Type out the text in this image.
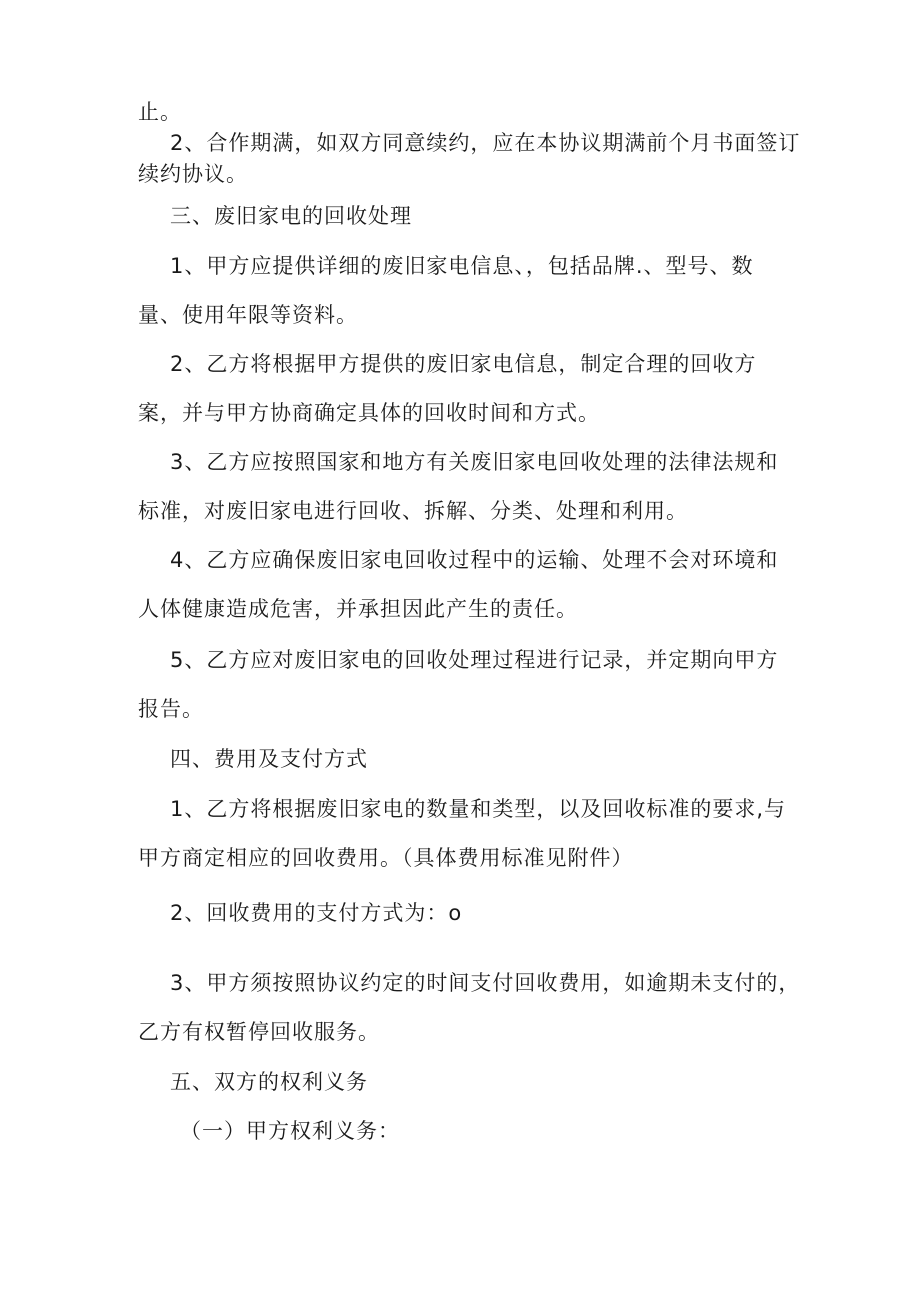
止。
2、合作期满，如双方同意续约，应在本协议期满前个月书面签订
续约协议。
三、废旧家电的回收处理
1、甲方应提供详细的废旧家电信息、，包括品牌.、型号、数
量、使用年限等资料。
2、乙方将根据甲方提供的废旧家电信息，制定合理的回收方
案，并与甲方协商确定具体的回收时间和方式。
3、乙方应按照国家和地方有关废旧家电回收处理的法律法规和
标准，对废旧家电进行回收、拆解、分类、处理和利用。
4、乙方应确保废旧家电回收过程中的运输、处理不会对环境和
人体健康造成危害，并承担因此产生的责任。
5、乙方应对废旧家电的回收处理过程进行记录，并定期向甲方
报告。
四、费用及支付方式
1、乙方将根据废旧家电的数量和类型，以及回收标准的要求,与
甲方商定相应的回收费用。（具体费用标准见附件）
2、回收费用的支付方式为：o
3、甲方须按照协议约定的时间支付回收费用，如逾期未支付的，
乙方有权暂停回收服务。
五、双方的权利义务
（一）甲方权利义务：
